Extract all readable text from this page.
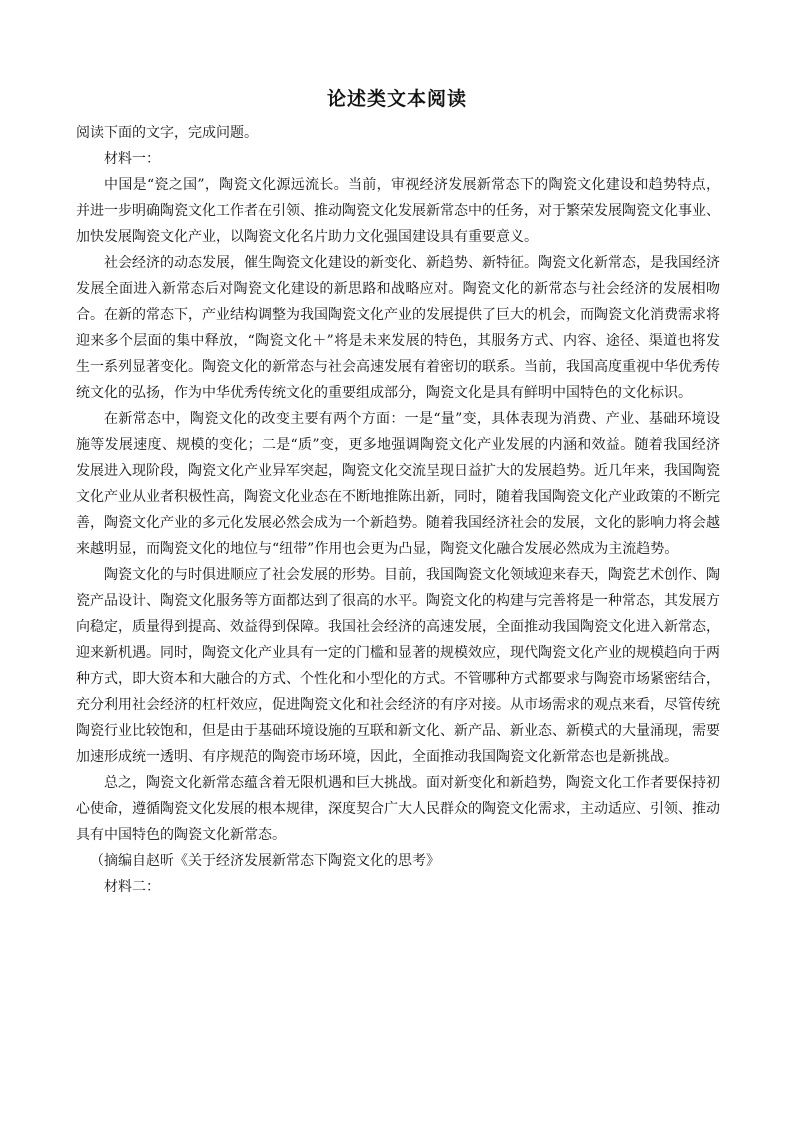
论述类文本阅读

阅读下面的文字，完成问题。

材料一：

中国是“瓷之国”，陶瓷文化源远流长。当前，审视经济发展新常态下的陶瓷文化建设和趋势特点，并进一步明确陶瓷文化工作者在引领、推动陶瓷文化发展新常态中的任务，对于繁荣发展陶瓷文化事业、加快发展陶瓷文化产业，以陶瓷文化名片助力文化强国建设具有重要意义。

社会经济的动态发展，催生陶瓷文化建设的新变化、新趋势、新特征。陶瓷文化新常态，是我国经济发展全面进入新常态后对陶瓷文化建设的新思路和战略应对。陶瓷文化的新常态与社会经济的发展相吻合。在新的常态下，产业结构调整为我国陶瓷文化产业的发展提供了巨大的机会，而陶瓷文化消费需求将迎来多个层面的集中释放，“陶瓷文化＋”将是未来发展的特色，其服务方式、内容、途径、渠道也将发生一系列显著变化。陶瓷文化的新常态与社会高速发展有着密切的联系。当前，我国高度重视中华优秀传统文化的弘扬，作为中华优秀传统文化的重要组成部分，陶瓷文化是具有鲜明中国特色的文化标识。

在新常态中，陶瓷文化的改变主要有两个方面：一是“量”变，具体表现为消费、产业、基础环境设施等发展速度、规模的变化；二是“质”变，更多地强调陶瓷文化产业发展的内涵和效益。随着我国经济发展进入现阶段，陶瓷文化产业异军突起，陶瓷文化交流呈现日益扩大的发展趋势。近几年来，我国陶瓷文化产业从业者积极性高，陶瓷文化业态在不断地推陈出新，同时，随着我国陶瓷文化产业政策的不断完善，陶瓷文化产业的多元化发展必然会成为一个新趋势。随着我国经济社会的发展，文化的影响力将会越来越明显，而陶瓷文化的地位与“纽带”作用也会更为凸显，陶瓷文化融合发展必然成为主流趋势。

陶瓷文化的与时俱进顺应了社会发展的形势。目前，我国陶瓷文化领域迎来春天，陶瓷艺术创作、陶瓷产品设计、陶瓷文化服务等方面都达到了很高的水平。陶瓷文化的构建与完善将是一种常态，其发展方向稳定，质量得到提高、效益得到保障。我国社会经济的高速发展，全面推动我国陶瓷文化进入新常态，迎来新机遇。同时，陶瓷文化产业具有一定的门槛和显著的规模效应，现代陶瓷文化产业的规模趋向于两种方式，即大资本和大融合的方式、个性化和小型化的方式。不管哪种方式都要求与陶瓷市场紧密结合，充分利用社会经济的杠杆效应，促进陶瓷文化和社会经济的有序对接。从市场需求的观点来看，尽管传统陶瓷行业比较饱和，但是由于基础环境设施的互联和新文化、新产品、新业态、新模式的大量涌现，需要加速形成统一透明、有序规范的陶瓷市场环境，因此，全面推动我国陶瓷文化新常态也是新挑战。

总之，陶瓷文化新常态蕴含着无限机遇和巨大挑战。面对新变化和新趋势，陶瓷文化工作者要保持初心使命，遵循陶瓷文化发展的根本规律，深度契合广大人民群众的陶瓷文化需求，主动适应、引领、推动具有中国特色的陶瓷文化新常态。

（摘编自赵昕《关于经济发展新常态下陶瓷文化的思考》

材料二：
